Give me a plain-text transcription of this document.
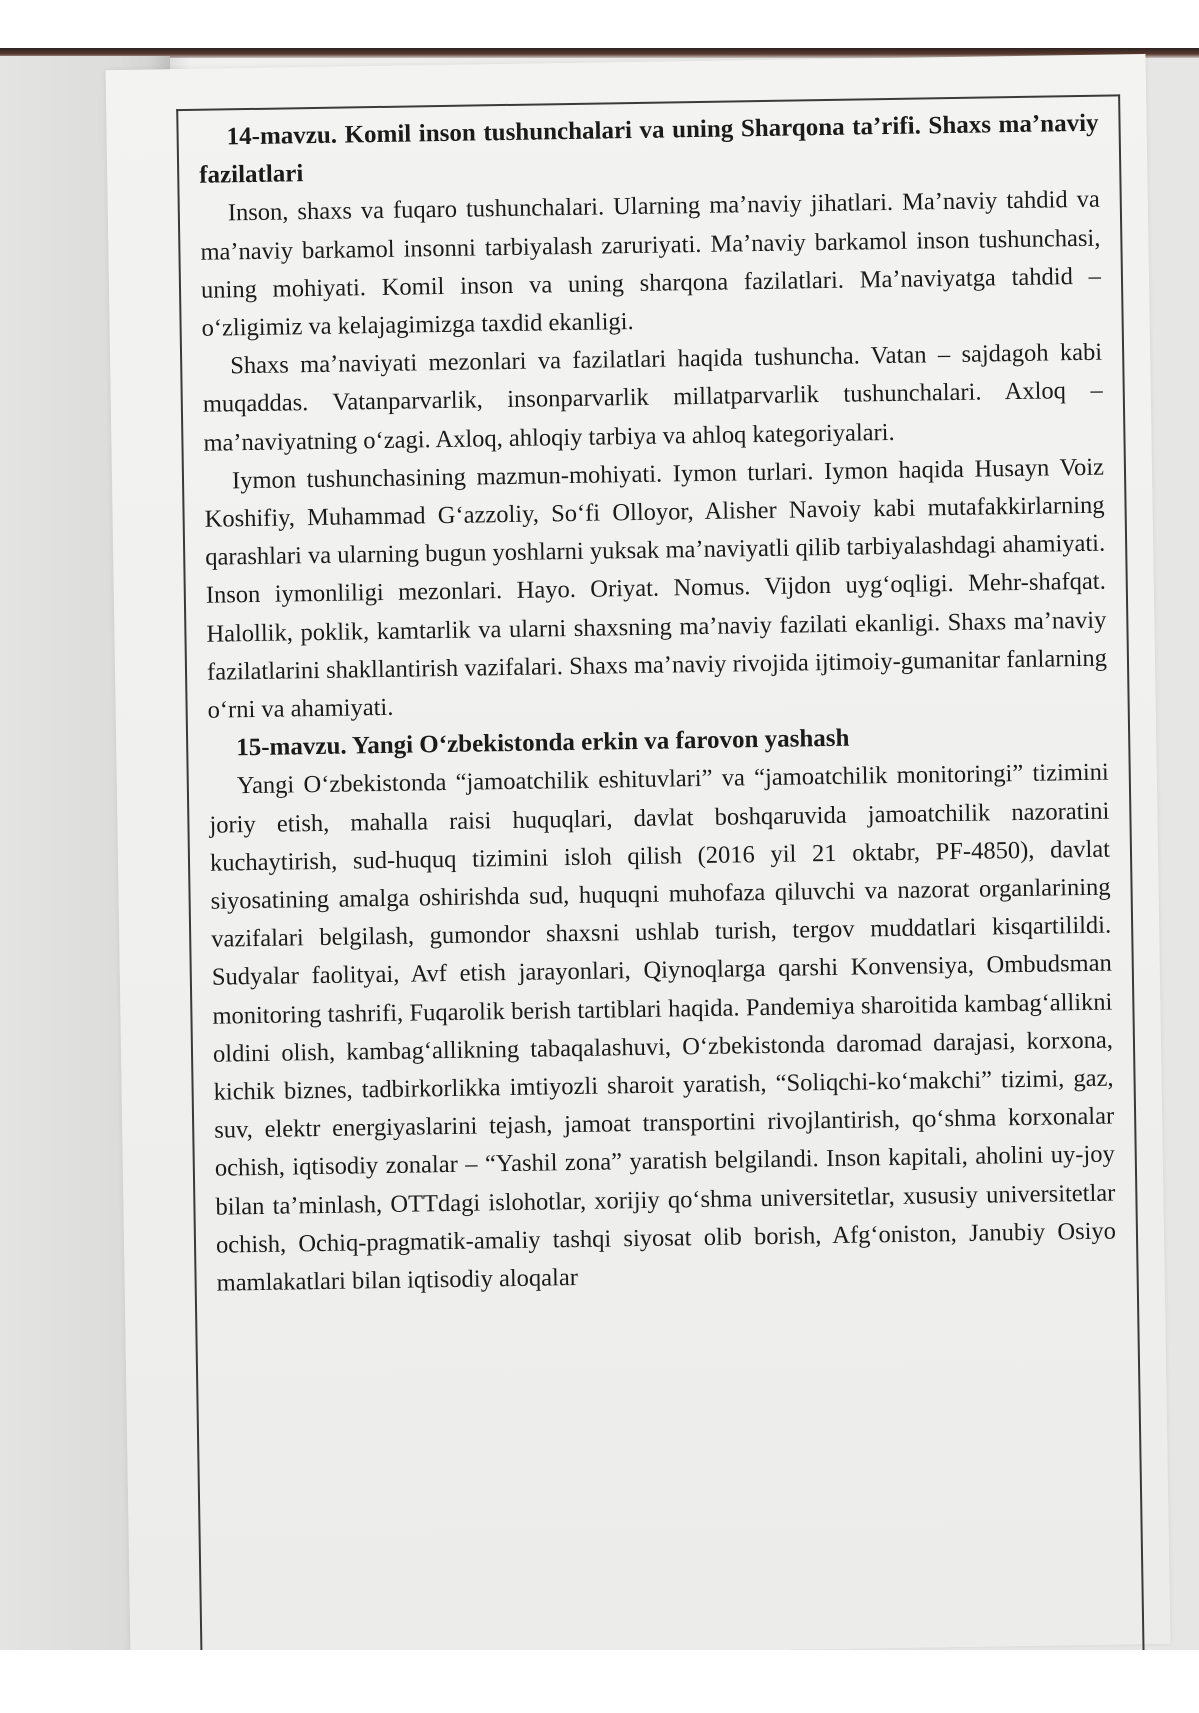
14-mavzu. Komil inson tushunchalari va uning Sharqona ta’rifi. Shaxs ma’naviy fazilatlari

Inson, shaxs va fuqaro tushunchalari. Ularning ma’naviy jihatlari. Ma’naviy tahdid va ma’naviy barkamol insonni tarbiyalash zaruriyati. Ma’naviy barkamol inson tushunchasi, uning mohiyati. Komil inson va uning sharqona fazilatlari. Ma’naviyatga tahdid – o‘zligimiz va kelajagimizga taxdid ekanligi.

Shaxs ma’naviyati mezonlari va fazilatlari haqida tushuncha. Vatan – sajdagoh kabi muqaddas. Vatanparvarlik, insonparvarlik millatparvarlik tushunchalari. Axloq – ma’naviyatning o‘zagi. Axloq, ahloqiy tarbiya va ahloq kategoriyalari.

Iymon tushunchasining mazmun-mohiyati. Iymon turlari. Iymon haqida Husayn Voiz Koshifiy, Muhammad G‘azzoliy, So‘fi Olloyor, Alisher Navoiy kabi mutafakkirlarning qarashlari va ularning bugun yoshlarni yuksak ma’naviyatli qilib tarbiyalashdagi ahamiyati. Inson iymonliligi mezonlari. Hayo. Oriyat. Nomus. Vijdon uyg‘oqligi. Mehr-shafqat. Halollik, poklik, kamtarlik va ularni shaxsning ma’naviy fazilati ekanligi. Shaxs ma’naviy fazilatlarini shakllantirish vazifalari. Shaxs ma’naviy rivojida ijtimoiy-gumanitar fanlarning o‘rni va ahamiyati.

15-mavzu. Yangi O‘zbekistonda erkin va farovon yashash

Yangi O‘zbekistonda “jamoatchilik eshituvlari” va “jamoatchilik monitoringi” tizimini joriy etish, mahalla raisi huquqlari, davlat boshqaruvida jamoatchilik nazoratini kuchaytirish, sud-huquq tizimini isloh qilish (2016 yil 21 oktabr, PF-4850), davlat siyosatining amalga oshirishda sud, huquqni muhofaza qiluvchi va nazorat organlarining vazifalari belgilash, gumondor shaxsni ushlab turish, tergov muddatlari kisqartilildi. Sudyalar faolityai, Avf etish jarayonlari, Qiynoqlarga qarshi Konvensiya, Ombudsman monitoring tashrifi, Fuqarolik berish tartiblari haqida. Pandemiya sharoitida kambag‘allikni oldini olish, kambag‘allikning tabaqalashuvi, O‘zbekistonda daromad darajasi, korxona, kichik biznes, tadbirkorlikka imtiyozli sharoit yaratish, “Soliqchi-ko‘makchi” tizimi, gaz, suv, elektr energiyaslarini tejash, jamoat transportini rivojlantirish, qo‘shma korxonalar ochish, iqtisodiy zonalar – “Yashil zona” yaratish belgilandi. Inson kapitali, aholini uy-joy bilan ta’minlash, OTTdagi islohotlar, xorijiy qo‘shma universitetlar, xususiy universitetlar ochish, Ochiq-pragmatik-amaliy tashqi siyosat olib borish, Afg‘oniston, Janubiy Osiyo mamlakatlari bilan iqtisodiy aloqalar
